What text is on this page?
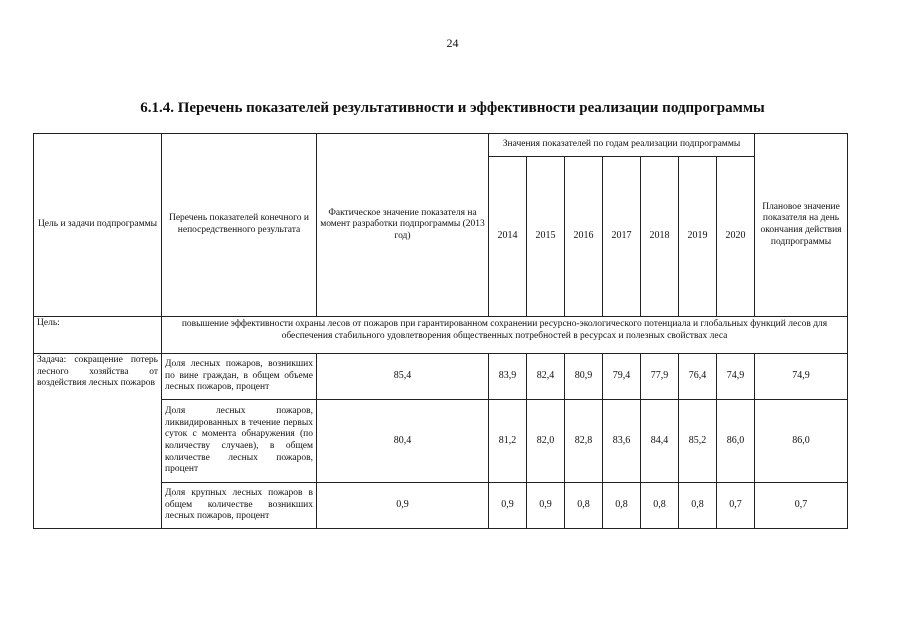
24
6.1.4. Перечень показателей результативности и эффективности реализации подпрограммы
Цель и задачи подпрограммы	Перечень показателей конечного и непосредственного результата	Фактическое значение показателя на момент разработки подпрограммы (2013 год)	Значения показателей по годам реализации подпрограммы							Плановое значение показателя на день окончания действия подпрограммы
			2014	2015	2016	2017	2018	2019	2020	
Цель:	повышение эффективности охраны лесов от пожаров при гарантированном сохранении ресурсно-экологического потенциала и глобальных функций лесов для обеспечения стабильного удовлетворения общественных потребностей в ресурсах и полезных свойствах леса									
Задача: сокращение потерь лесного хозяйства от воздействия лесных пожаров	Доля лесных пожаров, возникших по вине граждан, в общем объеме лесных пожаров, процент	85,4	83,9	82,4	80,9	79,4	77,9	76,4	74,9	74,9
	Доля лесных пожаров, ликвидированных в течение первых суток с момента обнаружения (по количеству случаев), в общем количестве лесных пожаров, процент	80,4	81,2	82,0	82,8	83,6	84,4	85,2	86,0	86,0
	Доля крупных лесных пожаров в общем количестве возникших лесных пожаров, процент	0,9	0,9	0,9	0,8	0,8	0,8	0,8	0,7	0,7
